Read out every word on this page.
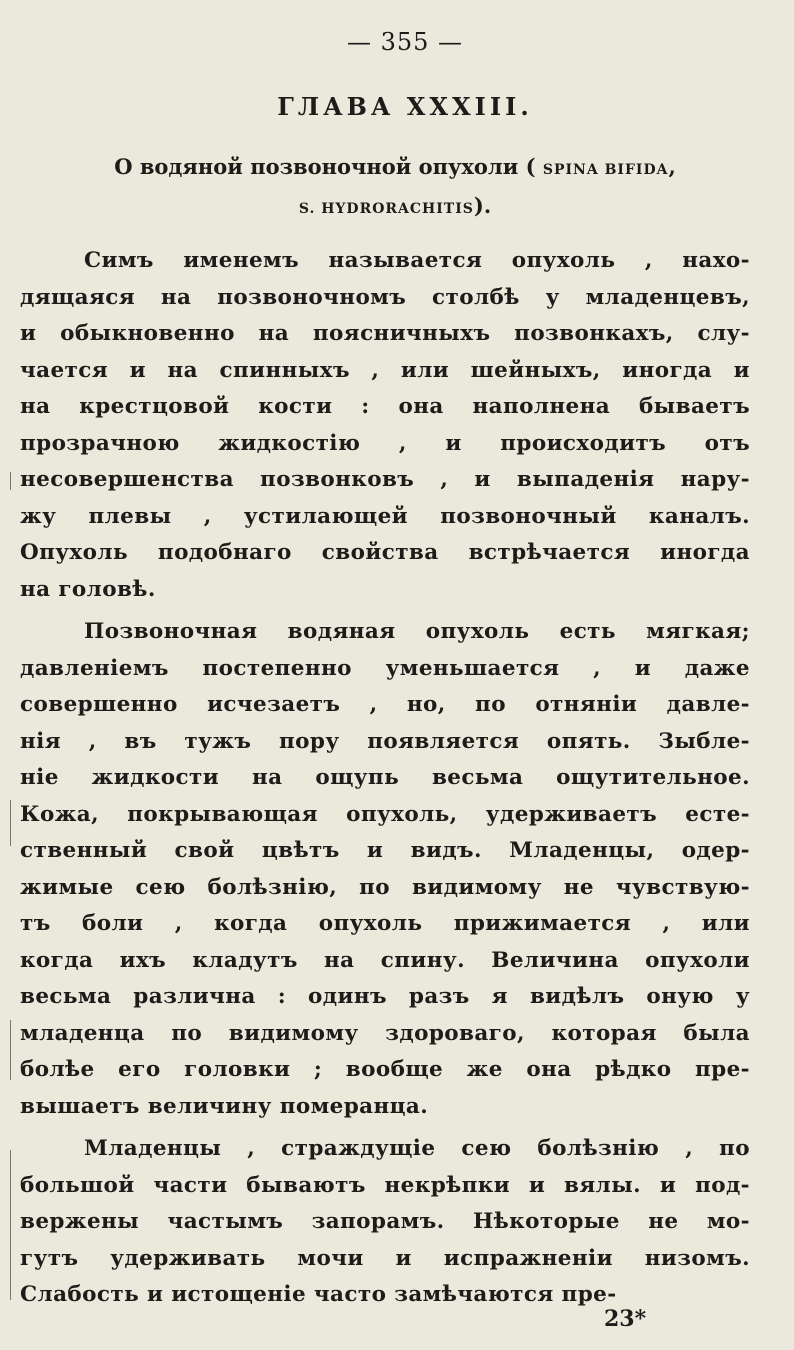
— 355 —
ГЛАВА XXXIII.
О водяной позвоночной опухоли ( SPINA BIFIDA,
S. HYDRORACHITIS).
Симъ именемъ называется опухоль , нахо-
дящаяся на позвоночномъ столбѣ у младенцевъ,
и обыкновенно на поясничныхъ позвонкахъ, слу-
чается и на спинныхъ , или шейныхъ, иногда и
на крестцовой кости : она наполнена бываетъ
прозрачною жидкостію , и происходитъ отъ
несовершенства позвонковъ , и выпаденія нару-
жу плевы , устилающей позвоночный каналъ.
Опухоль подобнаго свойства встрѣчается иногда
на головѣ.
Позвоночная водяная опухоль есть мягкая;
давленіемъ постепенно уменьшается , и даже
совершенно исчезаетъ , но, по отняніи давле-
нія , въ тужъ пору появляется опять. Зыбле-
ніе жидкости на ощупь весьма ощутительное.
Кожа, покрывающая опухоль, удерживаетъ есте-
ственный свой цвѣтъ и видъ. Младенцы, одер-
жимые сею болѣзнію, по видимому не чувствую-
тъ боли , когда опухоль прижимается , или
когда ихъ кладутъ на спину. Величина опухоли
весьма различна : одинъ разъ я видѣлъ оную у
младенца по видимому здороваго, которая была
болѣе его головки ; вообще же она рѣдко пре-
вышаетъ величину померанца.
Младенцы , страждущіе сею болѣзнію , по
большой части бываютъ некрѣпки и вялы. и под-
вержены частымъ запорамъ. Нѣкоторые не мо-
гутъ удерживать мочи и испражненіи низомъ.
Слабость и истощеніе часто замѣчаются пре-
23*
